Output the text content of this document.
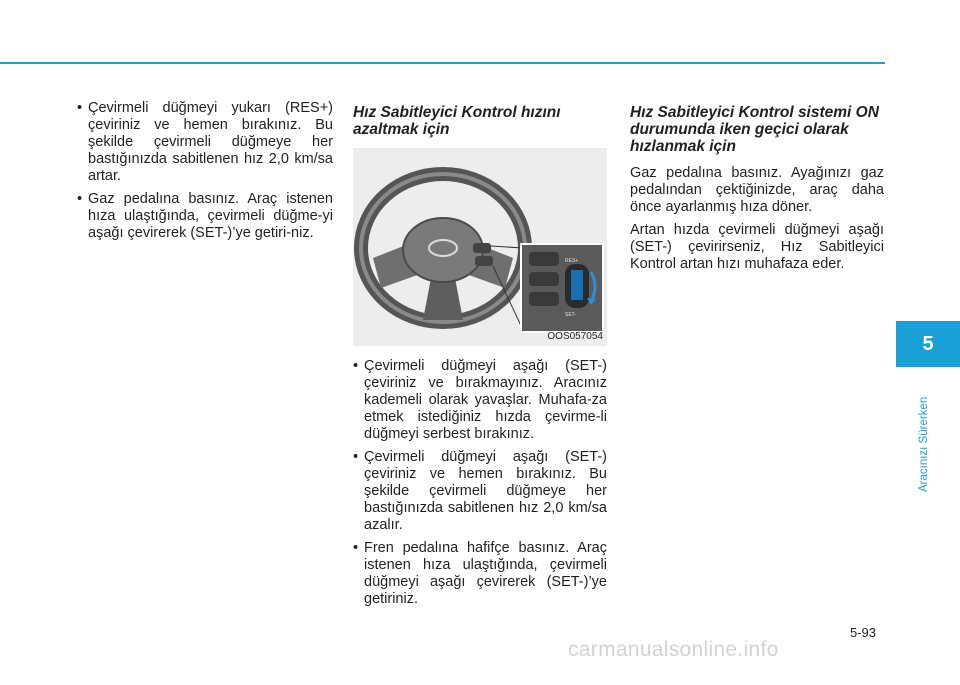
• Çevirmeli düğmeyi yukarı (RES+) çeviriniz ve hemen bırakınız. Bu şekilde çevirmeli düğmeye her bastığınızda sabitlenen hız 2,0 km/sa artar.
• Gaz pedalına basınız. Araç istenen hıza ulaştığında, çevirmeli düğme-yi aşağı çevirerek (SET-)’ye getiri-niz.
Hız Sabitleyici Kontrol hızını azaltmak için
RES+
SET-
OOS057054
• Çevirmeli düğmeyi aşağı (SET-) çeviriniz ve bırakmayınız. Aracınız kademeli olarak yavaşlar. Muhafa-za etmek istediğiniz hızda çevirme-li düğmeyi serbest bırakınız.
• Çevirmeli düğmeyi aşağı (SET-) çeviriniz ve hemen bırakınız. Bu şekilde çevirmeli düğmeye her bastığınızda sabitlenen hız 2,0 km/sa azalır.
• Fren pedalına hafifçe basınız. Araç istenen hıza ulaştığında, çevirmeli düğmeyi aşağı çevirerek (SET-)’ye getiriniz.
Hız Sabitleyici Kontrol sistemi ON durumunda iken geçici olarak hızlanmak için

Gaz pedalına basınız. Ayağınızı gaz pedalından çektiğinizde, araç daha önce ayarlanmış hıza döner.

Artan hızda çevirmeli düğmeyi aşağı (SET-) çevirirseniz, Hız Sabitleyici Kontrol artan hızı muhafaza eder.

5
Aracınızı Sürerken
5-93
carmanualsonline.info
